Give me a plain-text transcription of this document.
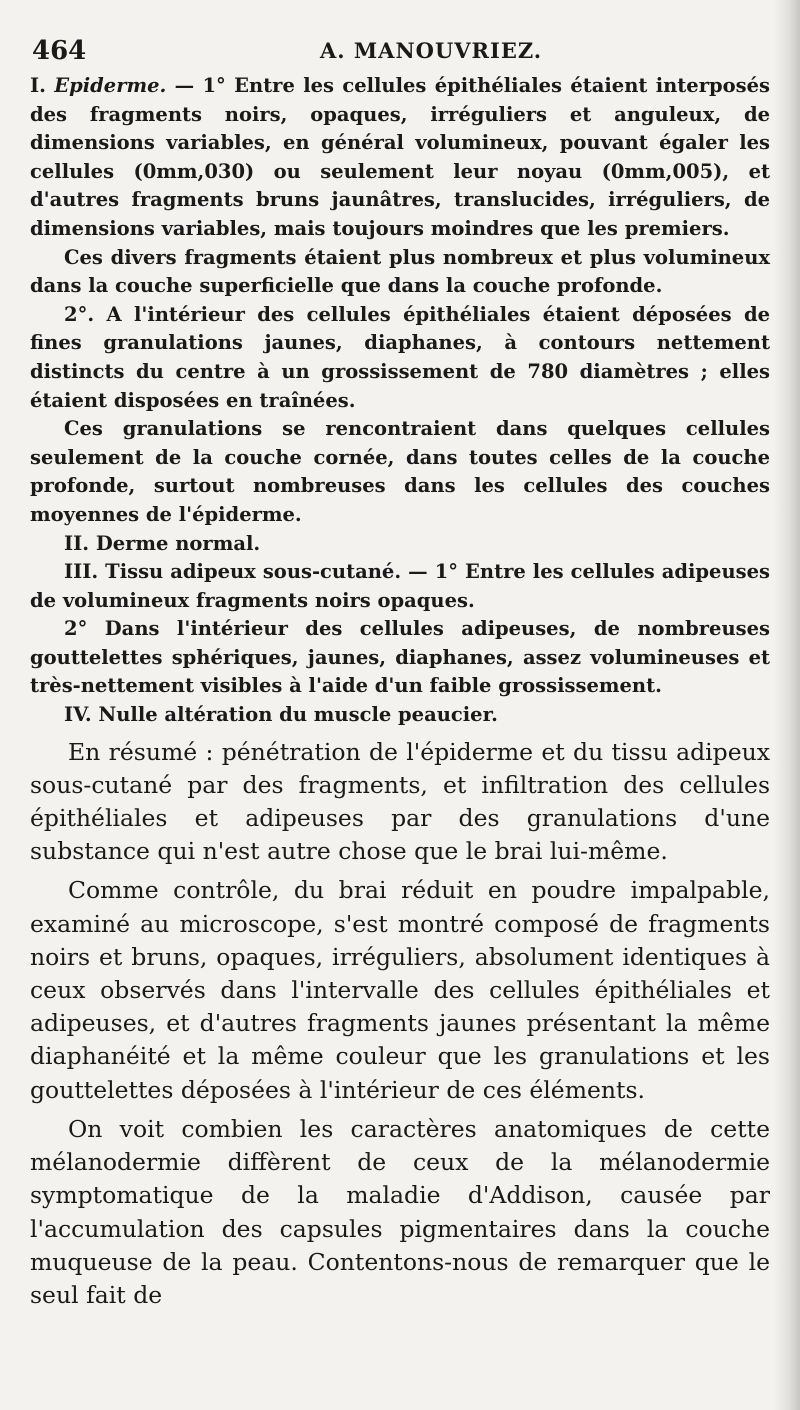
464	A. MANOUVRIEZ.

I. Epiderme. — 1° Entre les cellules épithéliales étaient interposés des fragments noirs, opaques, irréguliers et anguleux, de dimensions variables, en général volumineux, pouvant égaler les cellules (0mm,030) ou seulement leur noyau (0mm,005), et d'autres fragments bruns jaunâtres, translucides, irréguliers, de dimensions variables, mais toujours moindres que les premiers.

Ces divers fragments étaient plus nombreux et plus volumineux dans la couche superficielle que dans la couche profonde.

2°. A l'intérieur des cellules épithéliales étaient déposées de fines granulations jaunes, diaphanes, à contours nettement distincts du centre à un grossissement de 780 diamètres ; elles étaient disposées en traînées.

Ces granulations se rencontraient dans quelques cellules seulement de la couche cornée, dans toutes celles de la couche profonde, surtout nombreuses dans les cellules des couches moyennes de l'épiderme.

II. Derme normal.

III. Tissu adipeux sous-cutané. — 1° Entre les cellules adipeuses de volumineux fragments noirs opaques.

2° Dans l'intérieur des cellules adipeuses, de nombreuses gouttelettes sphériques, jaunes, diaphanes, assez volumineuses et très-nettement visibles à l'aide d'un faible grossissement.

IV. Nulle altération du muscle peaucier.

En résumé : pénétration de l'épiderme et du tissu adipeux sous-cutané par des fragments, et infiltration des cellules épithéliales et adipeuses par des granulations d'une substance qui n'est autre chose que le brai lui-même.

Comme contrôle, du brai réduit en poudre impalpable, examiné au microscope, s'est montré composé de fragments noirs et bruns, opaques, irréguliers, absolument identiques à ceux observés dans l'intervalle des cellules épithéliales et adipeuses, et d'autres fragments jaunes présentant la même diaphanéité et la même couleur que les granulations et les gouttelettes déposées à l'intérieur de ces éléments.

On voit combien les caractères anatomiques de cette mélanodermie diffèrent de ceux de la mélanodermie symptomatique de la maladie d'Addison, causée par l'accumulation des capsules pigmentaires dans la couche muqueuse de la peau. Contentons-nous de remarquer que le seul fait de
